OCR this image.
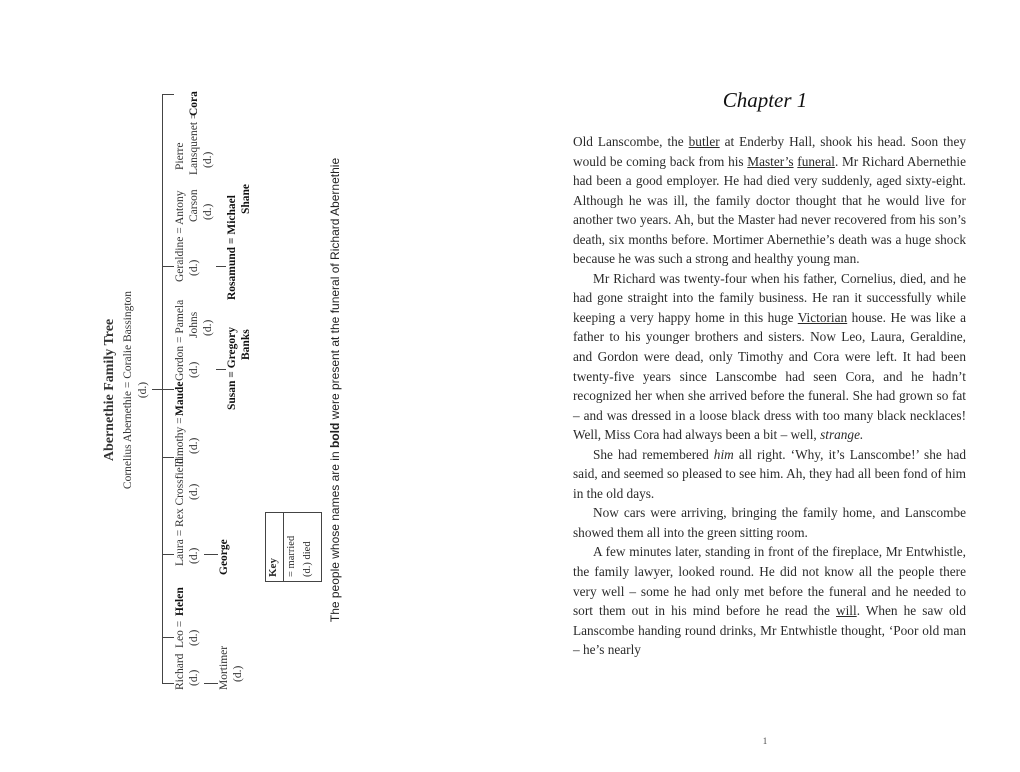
Abernethie Family Tree Cornelius Abernethie = Coralie Bassington (d.)
Richard (d.)
Leo = (d.)
Helen
Laura = Rex Crossfield (d.)
(d.)
Timothy =
Maude
(d.)
Gordon = Pamela (d.)
Johns (d.)
Geraldine = Antony (d.)
Carson (d.)
Pierre Lansquenet = (d.)
Cora
Mortimer (d.)
George
Susan = Gregory Banks
Rosamund = Michael Shane
Key = married (d.) died The people whose names are in bold were present at the funeral of Richard Abernethie
Chapter 1

Old Lanscombe, the butler at Enderby Hall, shook his head. Soon they would be coming back from his Master’s funeral. Mr Richard Abernethie had been a good employer. He had died very suddenly, aged sixty-eight. Although he was ill, the family doctor thought that he would live for another two years. Ah, but the Master had never recovered from his son’s death, six months before. Mortimer Abernethie’s death was a huge shock because he was such a strong and healthy young man.

Mr Richard was twenty-four when his father, Cornelius, died, and he had gone straight into the family business. He ran it successfully while keeping a very happy home in this huge Victorian house. He was like a father to his younger brothers and sisters. Now Leo, Laura, Geraldine, and Gordon were dead, only Timothy and Cora were left. It had been twenty-five years since Lanscombe had seen Cora, and he hadn’t recognized her when she arrived before the funeral. She had grown so fat – and was dressed in a loose black dress with too many black necklaces! Well, Miss Cora had always been a bit – well, strange.

She had remembered him all right. ‘Why, it’s Lanscombe!’ she had said, and seemed so pleased to see him. Ah, they had all been fond of him in the old days.

Now cars were arriving, bringing the family home, and Lanscombe showed them all into the green sitting room.

A few minutes later, standing in front of the fireplace, Mr Entwhistle, the family lawyer, looked round. He did not know all the people there very well – some he had only met before the funeral and he needed to sort them out in his mind before he read the will. When he saw old Lanscombe handing round drinks, Mr Entwhistle thought, ‘Poor old man – he’s nearly

1
